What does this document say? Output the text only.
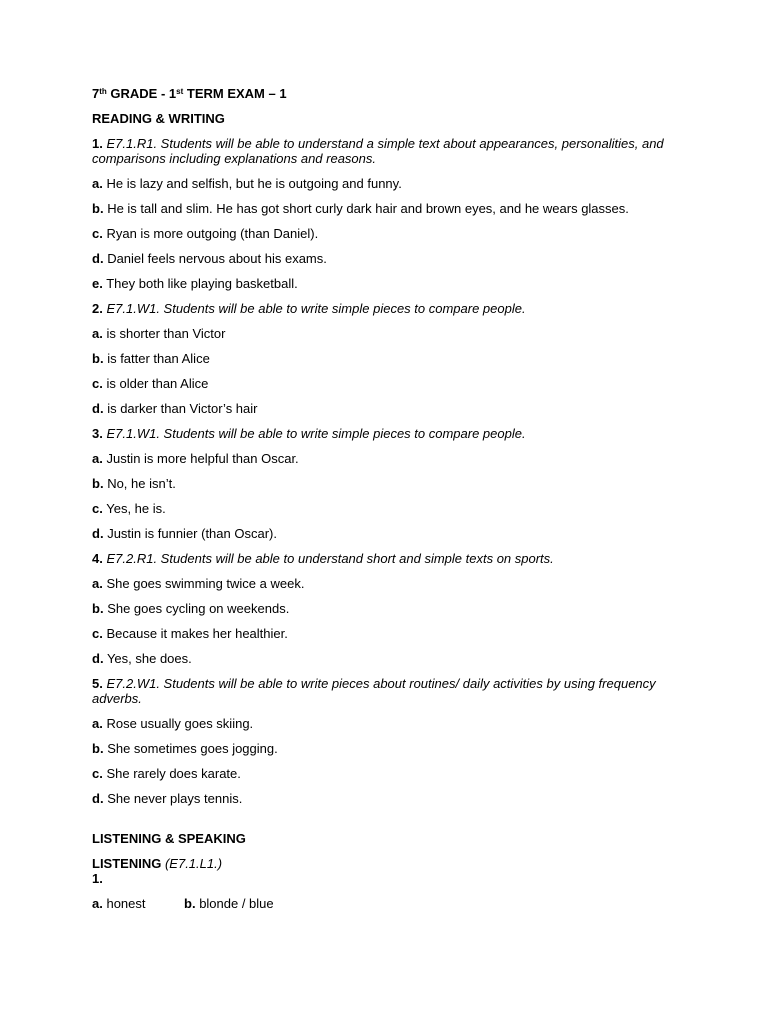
7th GRADE - 1st TERM EXAM – 1
READING & WRITING
1. E7.1.R1. Students will be able to understand a simple text about appearances, personalities, and comparisons including explanations and reasons.
a. He is lazy and selfish, but he is outgoing and funny.
b. He is tall and slim. He has got short curly dark hair and brown eyes, and he wears glasses.
c. Ryan is more outgoing (than Daniel).
d. Daniel feels nervous about his exams.
e. They both like playing basketball.
2. E7.1.W1. Students will be able to write simple pieces to compare people.
a. is shorter than Victor
b. is fatter than Alice
c. is older than Alice
d. is darker than Victor’s hair
3. E7.1.W1. Students will be able to write simple pieces to compare people.
a. Justin is more helpful than Oscar.
b. No, he isn’t.
c. Yes, he is.
d. Justin is funnier (than Oscar).
4. E7.2.R1. Students will be able to understand short and simple texts on sports.
a. She goes swimming twice a week.
b. She goes cycling on weekends.
c. Because it makes her healthier.
d. Yes, she does.
5. E7.2.W1. Students will be able to write pieces about routines/ daily activities by using frequency adverbs.
a. Rose usually goes skiing.
b. She sometimes goes jogging.
c. She rarely does karate.
d. She never plays tennis.
LISTENING & SPEAKING
LISTENING (E7.1.L1.)
1.
a. honest	b. blonde / blue
